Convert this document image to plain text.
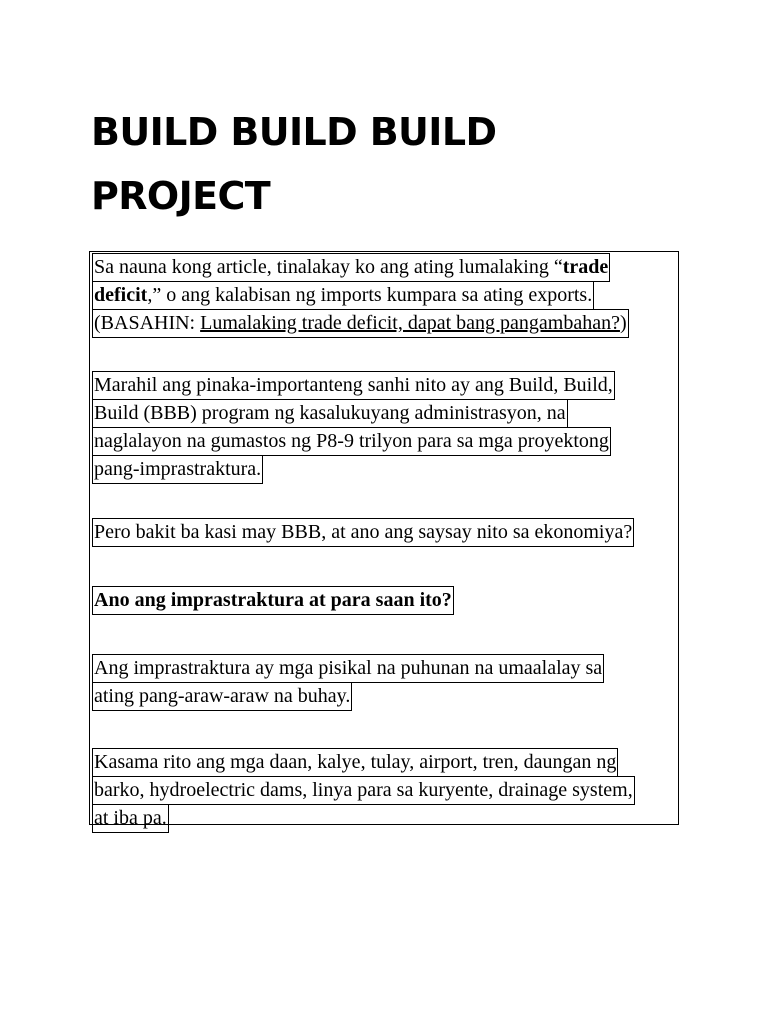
BUILD BUILD BUILD
PROJECT
Sa nauna kong article, tinalakay ko ang ating lumalaking “trade
deficit,” o ang kalabisan ng imports kumpara sa ating exports.
(BASAHIN: Lumalaking trade deficit, dapat bang pangambahan?)
Marahil ang pinaka-importanteng sanhi nito ay ang Build, Build,
Build (BBB) program ng kasalukuyang administrasyon, na
naglalayon na gumastos ng P8-9 trilyon para sa mga proyektong
pang-imprastraktura.
Pero bakit ba kasi may BBB, at ano ang saysay nito sa ekonomiya?
Ano ang imprastraktura at para saan ito?
Ang imprastraktura ay mga pisikal na puhunan na umaalalay sa
ating pang-araw-araw na buhay.
Kasama rito ang mga daan, kalye, tulay, airport, tren, daungan ng
barko, hydroelectric dams, linya para sa kuryente, drainage system,
at iba pa.
